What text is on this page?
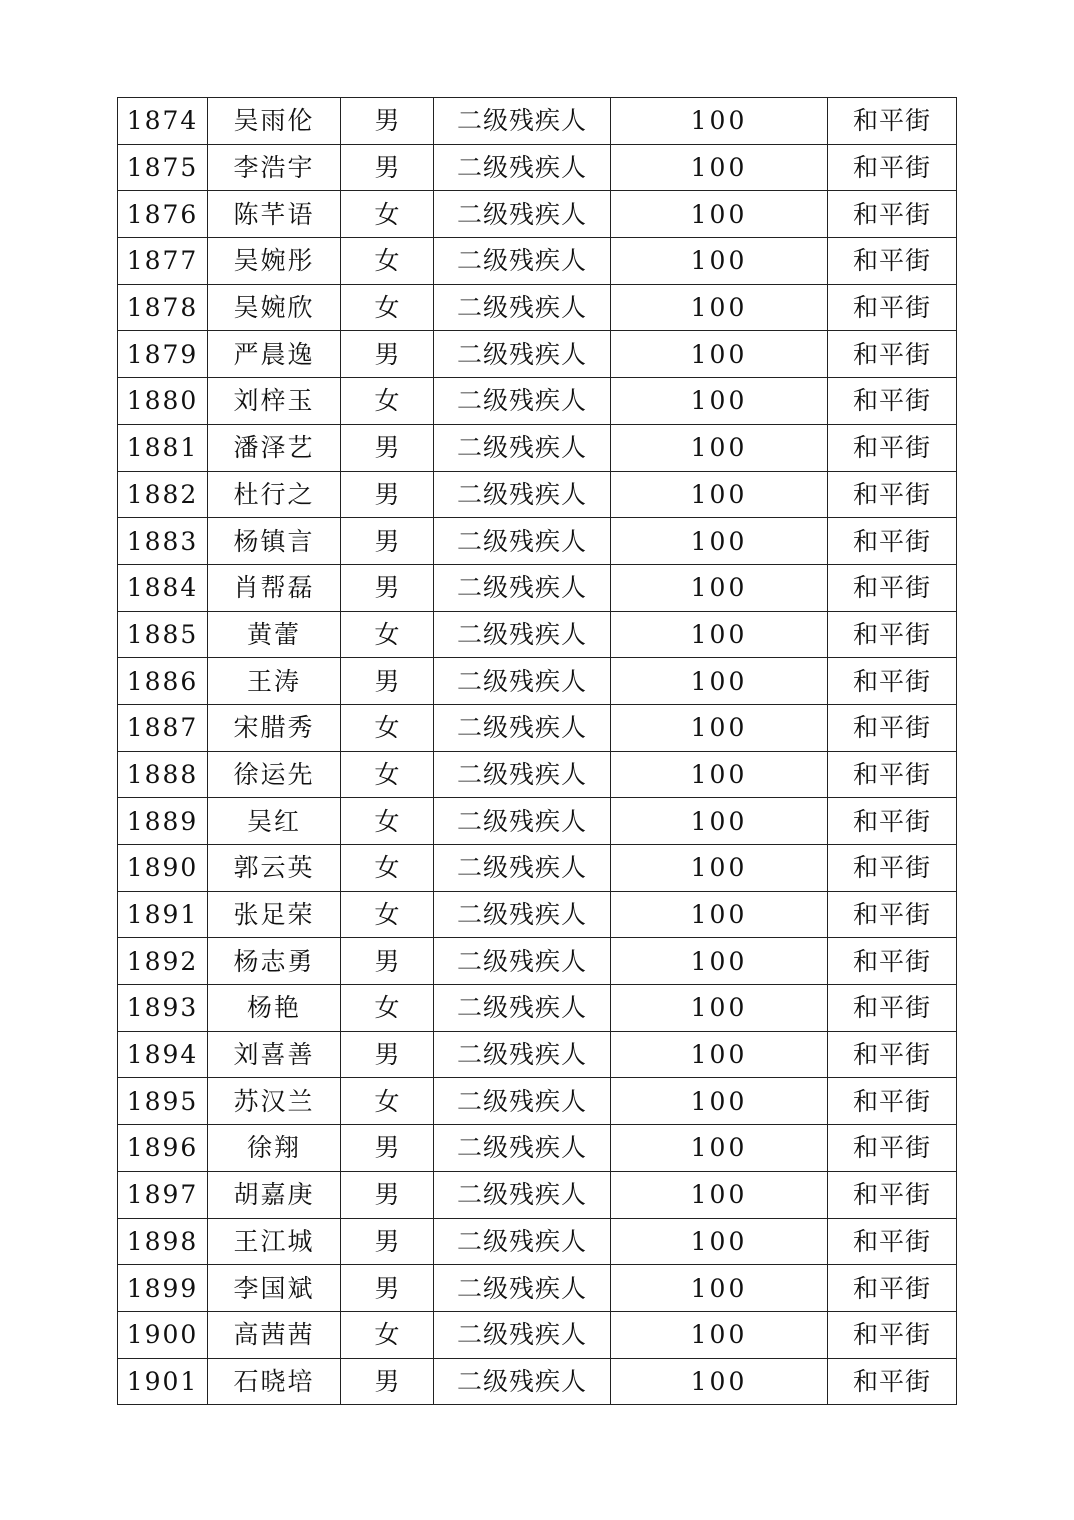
1874	吴雨伦	男	二级残疾人	100	和平街
1875	李浩宇	男	二级残疾人	100	和平街
1876	陈芊语	女	二级残疾人	100	和平街
1877	吴婉彤	女	二级残疾人	100	和平街
1878	吴婉欣	女	二级残疾人	100	和平街
1879	严晨逸	男	二级残疾人	100	和平街
1880	刘梓玉	女	二级残疾人	100	和平街
1881	潘泽艺	男	二级残疾人	100	和平街
1882	杜行之	男	二级残疾人	100	和平街
1883	杨镇言	男	二级残疾人	100	和平街
1884	肖帮磊	男	二级残疾人	100	和平街
1885	黄蕾	女	二级残疾人	100	和平街
1886	王涛	男	二级残疾人	100	和平街
1887	宋腊秀	女	二级残疾人	100	和平街
1888	徐运先	女	二级残疾人	100	和平街
1889	吴红	女	二级残疾人	100	和平街
1890	郭云英	女	二级残疾人	100	和平街
1891	张足荣	女	二级残疾人	100	和平街
1892	杨志勇	男	二级残疾人	100	和平街
1893	杨艳	女	二级残疾人	100	和平街
1894	刘喜善	男	二级残疾人	100	和平街
1895	苏汉兰	女	二级残疾人	100	和平街
1896	徐翔	男	二级残疾人	100	和平街
1897	胡嘉庚	男	二级残疾人	100	和平街
1898	王江城	男	二级残疾人	100	和平街
1899	李国斌	男	二级残疾人	100	和平街
1900	高茜茜	女	二级残疾人	100	和平街
1901	石晓培	男	二级残疾人	100	和平街
